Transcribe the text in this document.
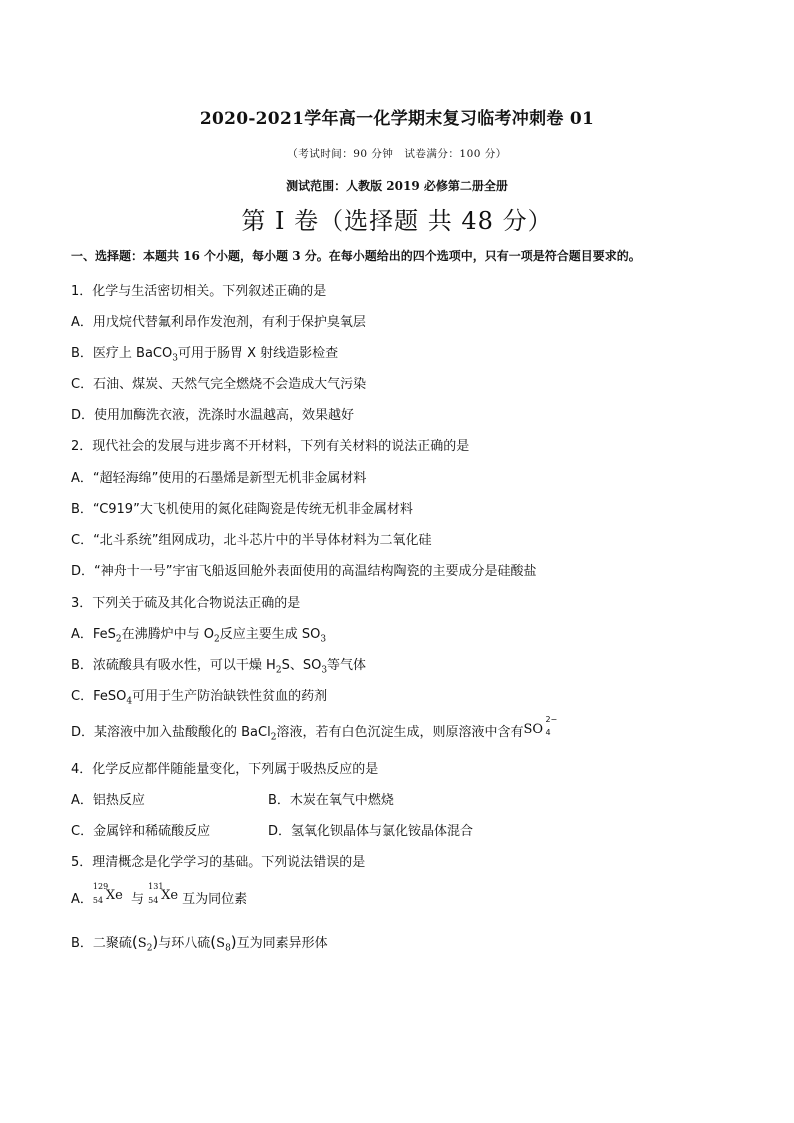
2020-2021学年高一化学期末复习临考冲刺卷 01
（考试时间：90 分钟　试卷满分：100 分）
测试范围：人教版 2019 必修第二册全册
第 I 卷（选择题 共 48 分）
一、选择题：本题共 16 个小题，每小题 3 分。在每小题给出的四个选项中，只有一项是符合题目要求的。
1．化学与生活密切相关。下列叙述正确的是
A．用戊烷代替氟利昂作发泡剂，有利于保护臭氧层
B．医疗上 BaCO$_3$可用于肠胃 X 射线造影检查
C．石油、煤炭、天然气完全燃烧不会造成大气污染
D．使用加酶洗衣液，洗涤时水温越高，效果越好
2．现代社会的发展与进步离不开材料，下列有关材料的说法正确的是
A．“超轻海绵”使用的石墨烯是新型无机非金属材料
B．“C919”大飞机使用的氮化硅陶瓷是传统无机非金属材料
C．“北斗系统”组网成功，北斗芯片中的半导体材料为二氧化硅
D．“神舟十一号”宇宙飞船返回舱外表面使用的高温结构陶瓷的主要成分是硅酸盐
3．下列关于硫及其化合物说法正确的是
A．FeS$_2$在沸腾炉中与 $O_2$反应主要生成 $SO_3$
B．浓硫酸具有吸水性，可以干燥 $H_2S$、$SO_3$等气体
C．FeSO$_4$可用于生产防治缺铁性贫血的药剂
D．某溶液中加入盐酸酸化的 BaCl$_2$溶液，若有白色沉淀生成，则原溶液中含有 SO
2−
4
4．化学反应都伴随能量变化，下列属于吸热反应的是
A．铝热反应	B．木炭在氧气中燃烧
C．金属锌和稀硫酸反应	D．氢氧化钡晶体与氯化铵晶体混合
5．理清概念是化学学习的基础。下列说法错误的是
A．
129
54 Xe 与
131
54 Xe 互为同位素
B．二聚硫$(S_2)$与环八硫$(S_8)$互为同素异形体
